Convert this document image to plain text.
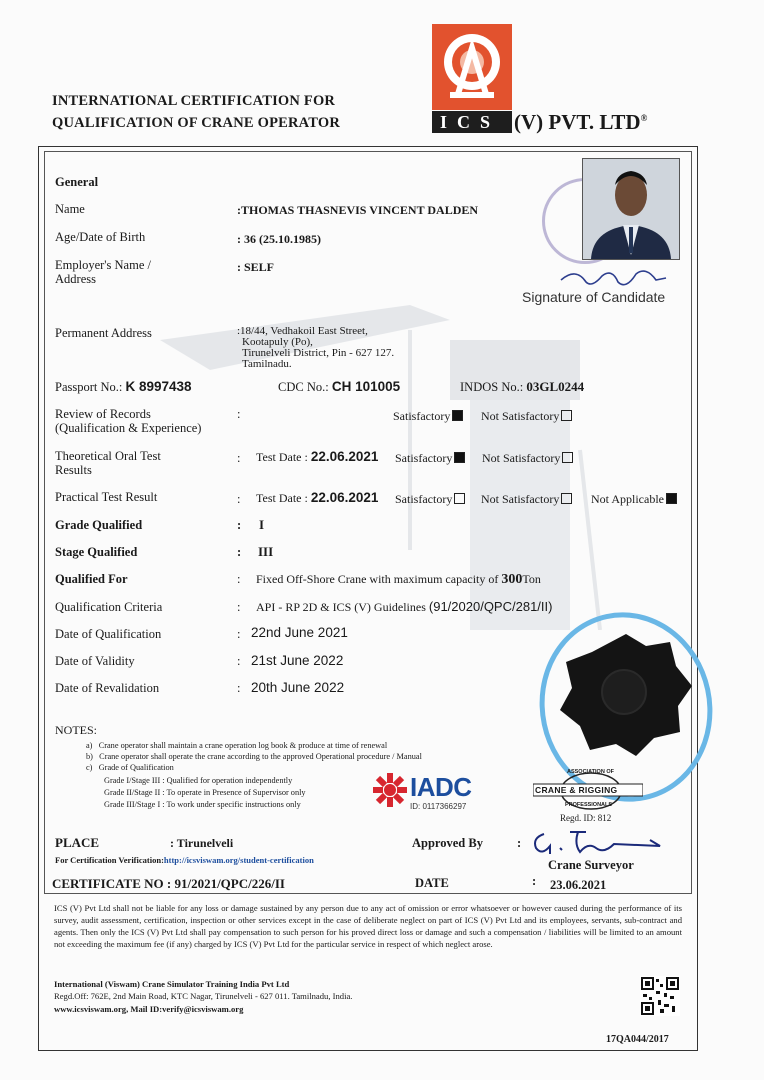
INTERNATIONAL CERTIFICATION FOR
QUALIFICATION OF CRANE OPERATOR	ICS (V) PVT. LTD®
Signature of Candidate
General
Name	:THOMAS THASNEVIS VINCENT DALDEN
Age/Date of Birth	: 36 (25.10.1985)
Employer's Name /
Address
: SELF
Permanent Address	:18/44, Vedhakoil East Street,
Kootapuly (Po),
Tirunelveli District, Pin - 627 127.
Tamilnadu.
Passport No.: K 8997438	CDC No.: CH 101005	INDOS No.: 03GL0244
Review of Records
(Qualification & Experience)
:	Satisfactory	Not Satisfactory
Theoretical Oral Test
Results
: Test Date : 22.06.2021 Satisfactory	Not Satisfactory
Practical Test Result	: Test Date : 22.06.2021 Satisfactory	Not Satisfactory	Not Applicable
Grade Qualified	: I
Stage Qualified	: III
Qualified For	: Fixed Off-Shore Crane with maximum capacity of 300Ton
Qualification Criteria	: API - RP 2D & ICS (V) Guidelines (91/2020/QPC/281/II)
Date of Qualification	: 22nd June 2021
Date of Validity	: 21st June 2022
Date of Revalidation	: 20th June 2022
NOTES:
a) Crane operator shall maintain a crane operation log book & produce at time of renewal
b) Crane operator shall operate the crane according to the approved Operational procedure / Manual
c) Grade of Qualification
Grade I/Stage III : Qualified for operation independently
Grade II/Stage II : To operate in Presence of Supervisor only
Grade III/Stage I : To work under specific instructions only
IADC
ID: 0117366297
ASSOCIATION OF
CRANE & RIGGING
PROFESSIONALS
Regd. ID: 812
PLACE	: Tirunelveli	Approved By	:
Crane Surveyor
For Certification Verification:http://icsviswam.org/student-certification
CERTIFICATE NO : 91/2021/QPC/226/II	DATE	: 23.06.2021
ICS (V) Pvt Ltd shall not be liable for any loss or damage sustained by any person due to any act of omission or error whatsoever or however caused during the performance of its survey, audit assessment, certification, inspection or other services except in the case of deliberate neglect on part of ICS (V) Pvt Ltd and its employees, servants, sub-contract and agents. Then only the ICS (V) Pvt Ltd shall pay compensation to such person for his proved direct loss or damage and such a compensation / liabilities will be limited to an amount not exceeding the maximum fee (if any) charged by ICS (V) Pvt Ltd for the particular service in respect of which neglect arose.
International (Viswam) Crane Simulator Training India Pvt Ltd
Regd.Off: 762E, 2nd Main Road, KTC Nagar, Tirunelveli - 627 011. Tamilnadu, India.
www.icsviswam.org, Mail ID:verify@icsviswam.org
17QA044/2017
